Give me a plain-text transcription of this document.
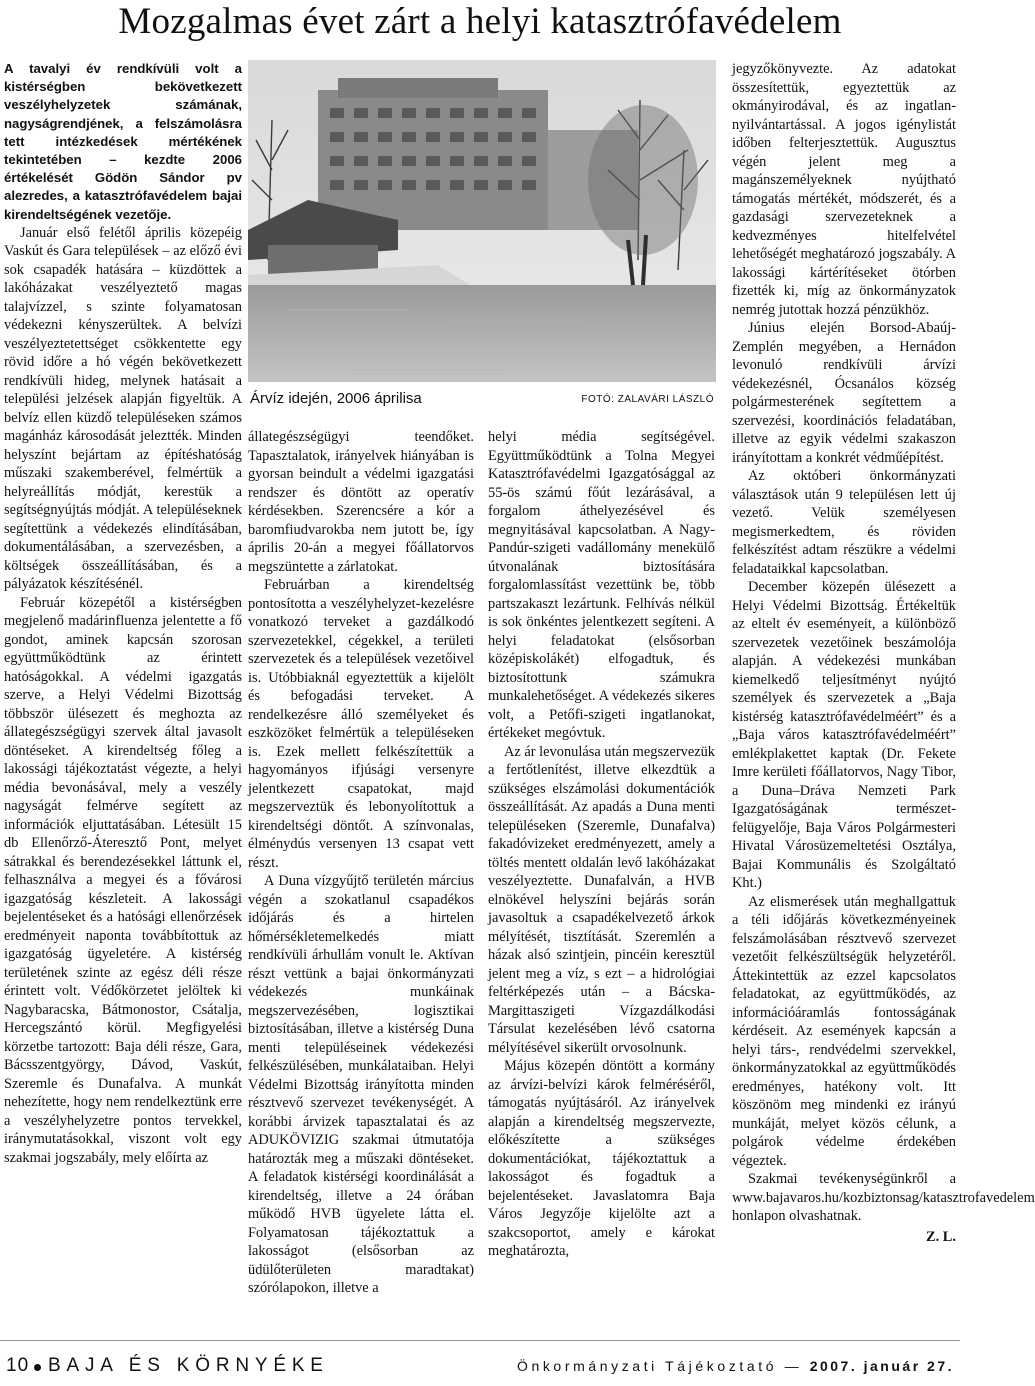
Mozgalmas évet zárt a helyi katasztrófavédelem

A tavalyi év rendkívüli volt a kistérségben bekövetkezett veszélyhelyzetek számának, nagyságrendjének, a felszámolásra tett intézkedések mértékének tekintetében – kezdte 2006 értékelését Gödön Sándor pv alezredes, a katasztrófavédelem bajai kirendeltségének vezetője.

Január első felétől április közepéig Vaskút és Gara települések – az előző évi sok csapadék hatására – küzdöttek a lakóházakat veszélyeztető magas talajvízzel, s szinte folyamatosan védekezni kényszerültek. A belvízi veszélyeztetettséget csökkentette egy rövid időre a hó végén bekövetkezett rendkívüli hideg, melynek hatásait a települési jelzések alapján figyeltük. A belvíz ellen küzdő településeken számos magánház károsodását jeleztték. Minden helyszínt bejártam az építéshatóság műszaki szakemberével, felmértük a helyreállítás módját, kerestük a segítségnyújtás módját. A településeknek segítettünk a védekezés elindításában, dokumentálásában, a szervezésben, a költségek összeállításában, és a pályázatok készítésénél.

Február közepétől a kistérségben megjelenő madárinfluenza jelentette a fő gondot, aminek kapcsán szorosan együttműködtünk az érintett hatóságokkal. A védelmi igazgatás szerve, a Helyi Védelmi Bizottság többször ülésezett és meghozta az állategészségügyi szervek által javasolt döntéseket. A kirendeltség főleg a lakossági tájékoztatást végezte, a helyi média bevonásával, mely a veszély nagyságát felmérve segített az információk eljuttatásában. Létesült 15 db Ellenőrző-Áteresztő Pont, melyet sátrakkal és berendezésekkel láttunk el, felhasználva a megyei és a fővárosi igazgatóság készleteit. A lakossági bejelentéseket és a hatósági ellenőrzések eredményeit naponta továbbítottuk az igazgatóság ügyeletére. A kistérség területének szinte az egész déli része érintett volt. Védőkörzetet jelöltek ki Nagybaracska, Bátmonostor, Csátalja, Hercegszántó körül. Megfigyelési körzetbe tartozott: Baja déli része, Gara, Bácsszentgyörgy, Dávod, Vaskút, Szeremle és Dunafalva. A munkát nehezítette, hogy nem rendelkeztünk erre a veszélyhelyzetre pontos tervekkel, iránymutatásokkal, viszont volt egy szakmai jogszabály, mely előírta az

Árvíz idején, 2006 áprilisa	FOTÓ: ZALAVÁRI LÁSZLÓ

állategészségügyi teendőket. Tapasztalatok, irányelvek hiányában is gyorsan beindult a védelmi igazgatási rendszer és döntött az operatív kérdésekben. Szerencsére a kór a baromfiudvarokba nem jutott be, így április 20-án a megyei főállatorvos megszüntette a zárlatokat.

Februárban a kirendeltség pontosította a veszélyhelyzet-kezelésre vonatkozó terveket a gazdálkodó szervezetekkel, cégekkel, a területi szervezetek és a települések vezetőivel is. Utóbbiaknál egyeztettük a kijelölt és befogadási terveket. A rendelkezésre álló személyeket és eszközöket felmértük a településeken is. Ezek mellett felkészítettük a hagyományos ifjúsági versenyre jelentkezett csapatokat, majd megszerveztük és lebonyolítottuk a kirendeltségi döntőt. A színvonalas, élménydús versenyen 13 csapat vett részt.

A Duna vízgyűjtő területén március végén a szokatlanul csapadékos időjárás és a hirtelen hőmérsékletemelkedés miatt rendkívüli árhullám vonult le. Aktívan részt vettünk a bajai önkormányzati védekezés munkáinak megszervezésében, logisztikai biztosításában, illetve a kistérség Duna menti településeinek védekezési felkészülésében, munkálataiban. Helyi Védelmi Bizottság irányította minden résztvevő szervezet tevékenységét. A korábbi árvizek tapasztalatai és az ADUKÖVIZIG szakmai útmutatója határozták meg a műszaki döntéseket. A feladatok kistérségi koordinálását a kirendeltség, illetve a 24 órában működő HVB ügyelete látta el. Folyamatosan tájékoztattuk a lakosságot (elsősorban az üdülőterületen maradtakat) szórólapokon, illetve a

helyi média segítségével. Együttműködtünk a Tolna Megyei Katasztrófavédelmi Igazgatósággal az 55-ös számú főút lezárásával, a forgalom áthelyezésével és megnyitásával kapcsolatban. A Nagy-Pandúr-szigeti vadállomány menekülő útvonalának biztosítására forgalomlassítást vezettünk be, több partszakaszt lezártunk. Felhívás nélkül is sok önkéntes jelentkezett segíteni. A helyi feladatokat (elsősorban középiskolákét) elfogadtuk, és biztosítottunk számukra munkalehetőséget. A védekezés sikeres volt, a Petőfi-szigeti ingatlanokat, értékeket megóvtuk.

Az ár levonulása után megszervezük a fertőtlenítést, illetve elkezdtük a szükséges elszámolási dokumentációk összeállítását. Az apadás a Duna menti településeken (Szeremle, Dunafalva) fakadóvizeket eredményezett, amely a töltés mentett oldalán levő lakóházakat veszélyeztette. Dunafalván, a HVB elnökével helyszíni bejárás során javasoltuk a csapadékelvezető árkok mélyítését, tisztítását. Szeremlén a házak alsó szintjein, pincéin keresztül jelent meg a víz, s ezt – a hidrológiai feltérképezés után – a Bácska-Margittaszigeti Vízgazdálkodási Társulat kezelésében lévő csatorna mélyítésével sikerült orvosolnunk.

Május közepén döntött a kormány az árvízi-belvízi károk felméréséről, támogatás nyújtásáról. Az irányelvek alapján a kirendeltség megszervezte, előkészítette a szükséges dokumentációkat, tájékoztattuk a lakosságot és fogadtuk a bejelentéseket. Javaslatomra Baja Város Jegyzője kijelölte azt a szakcsoportot, amely e károkat meghatározta,

jegyzőkönyvezte. Az adatokat összesítettük, egyeztettük az okmányirodával, és az ingatlan-nyilvántartással. A jogos igénylistát időben felterjesztettük. Augusztus végén jelent meg a magánszemélyeknek nyújtható támogatás mértékét, módszerét, és a gazdasági szervezeteknek a kedvezményes hitelfelvétel lehetőségét meghatározó jogszabály. A lakossági kártérítéseket ötórben fizették ki, míg az önkormányzatok nemrég jutottak hozzá pénzükhöz.

Június elején Borsod-Abaúj-Zemplén megyében, a Hernádon levonuló rendkívüli árvízi védekezésnél, Ócsanálos község polgármesterének segítettem a szervezési, koordinációs feladatában, illetve az egyik védelmi szakaszon irányítottam a konkrét védműépítést.

Az októberi önkormányzati választások után 9 településen lett új vezető. Velük személyesen megismerkedtem, és röviden felkészítést adtam részükre a védelmi feladataikkal kapcsolatban.

December közepén ülésezett a Helyi Védelmi Bizottság. Értékeltük az eltelt év eseményeit, a különböző szervezetek vezetőinek beszámolója alapján. A védekezési munkában kiemelkedő teljesítményt nyújtó személyek és szervezetek a „Baja kistérség katasztrófavédelméért” és a „Baja város katasztrófavédelméért” emlékplakettet kaptak (Dr. Fekete Imre kerületi főállatorvos, Nagy Tibor, a Duna–Dráva Nemzeti Park Igazgatóságának természet-felügyelője, Baja Város Polgármesteri Hivatal Városüzemeltetési Osztálya, Bajai Kommunális és Szolgáltató Kht.)

Az elismerések után meghallgattuk a téli időjárás következményeinek felszámolásában résztvevő szervezet vezetőit felkészültségük helyzetéről. Áttekintettük az ezzel kapcsolatos feladatokat, az együttműködés, az információáramlás fontosságának kérdéseit. Az események kapcsán a helyi társ-, rendvédelmi szervekkel, önkormányzatokkal az együttműködés eredményes, hatékony volt. Itt köszönöm meg mindenki ez irányú munkáját, melyet közös célunk, a polgárok védelme érdekében végeztek.

Szakmai tevékenységünkről a www.bajavaros.hu/kozbiztonsag/katasztrofavedelem honlapon olvashatnak.

Z. L.
10 BAJA ÉS KÖRNYÉKE	Önkormányzati Tájékoztató — 2007. január 27.
